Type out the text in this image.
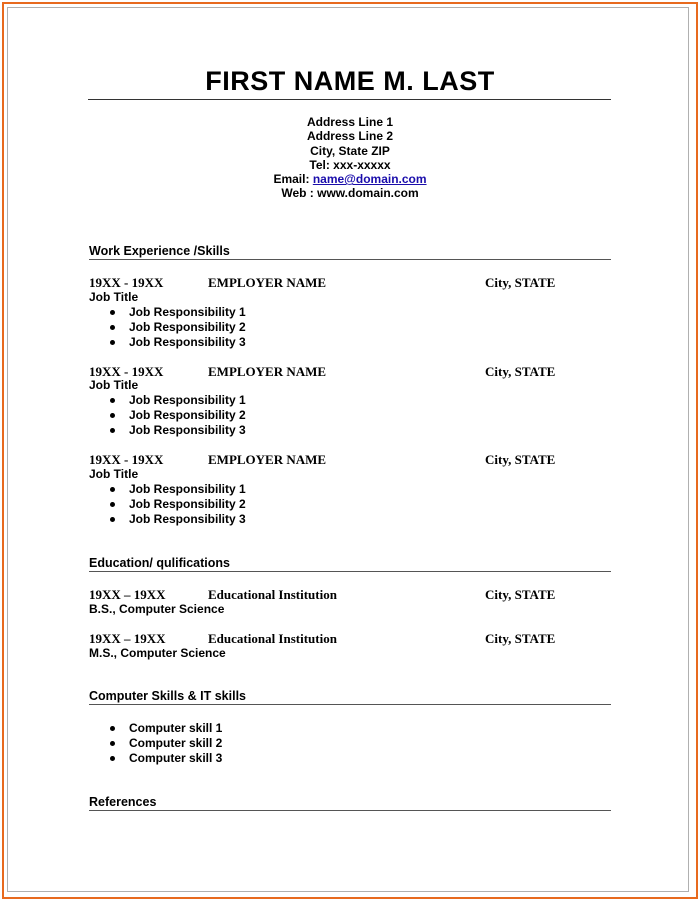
FIRST NAME M. LAST
Address Line 1
Address Line 2
City, State ZIP
Tel: xxx-xxxxx
Email: name@domain.com
Web : www.domain.com
Work Experience /Skills
19XX - 19XX	EMPLOYER NAME	City, STATE
Job Title
Job Responsibility 1
Job Responsibility 2
Job Responsibility 3
19XX - 19XX	EMPLOYER NAME	City, STATE
Job Title
Job Responsibility 1
Job Responsibility 2
Job Responsibility 3
19XX - 19XX	EMPLOYER NAME	City, STATE
Job Title
Job Responsibility 1
Job Responsibility 2
Job Responsibility 3
Education/ qulifications
19XX – 19XX	Educational Institution	City, STATE
B.S., Computer Science
19XX – 19XX	Educational Institution	City, STATE
M.S., Computer Science
Computer Skills & IT skills
Computer skill 1
Computer skill 2
Computer skill 3
References
